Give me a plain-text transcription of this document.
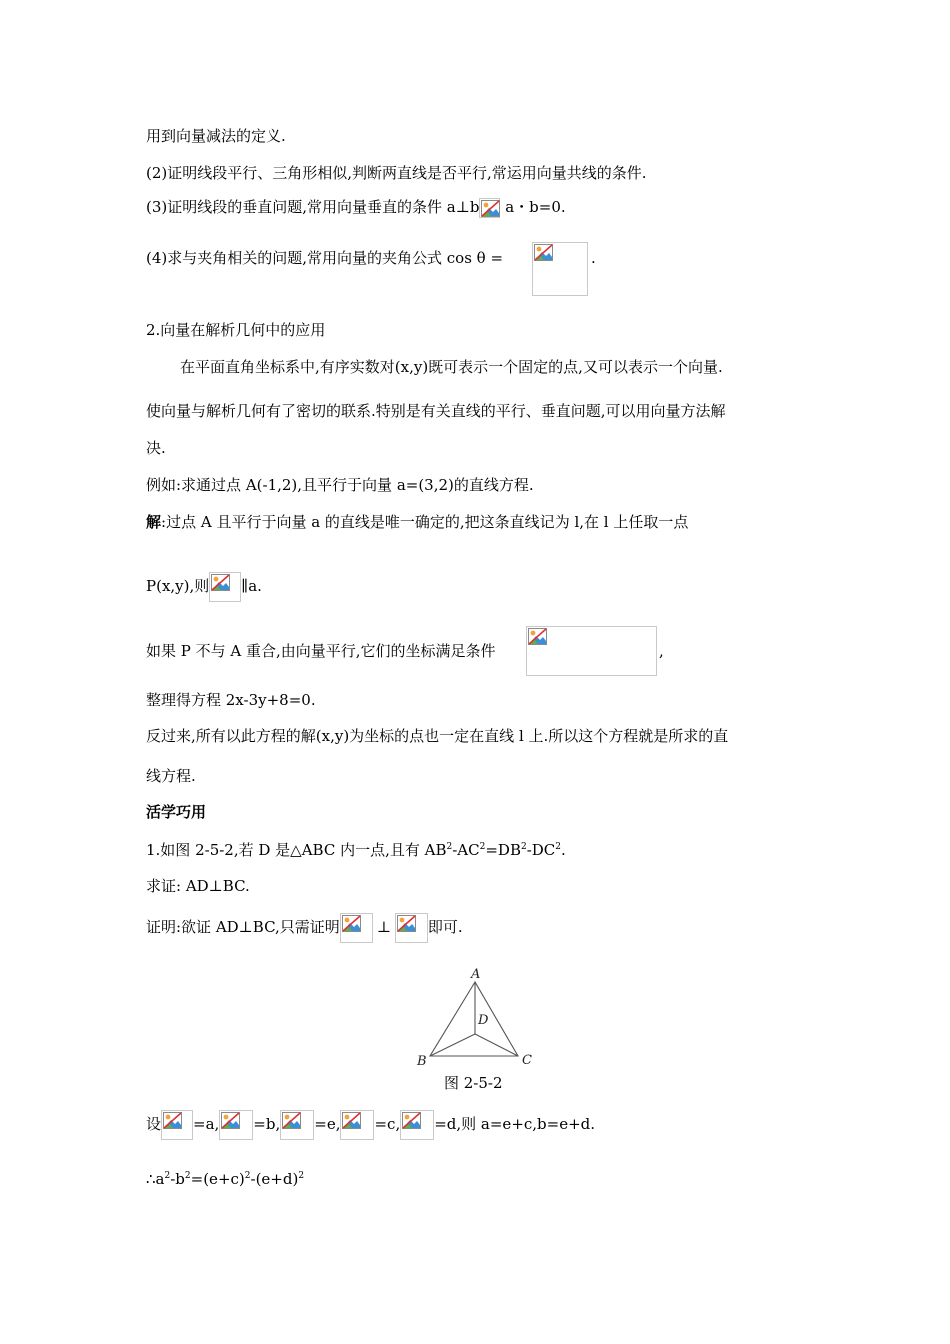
用到向量减法的定义.
(2)证明线段平行、三角形相似,判断两直线是否平行,常运用向量共线的条件.
(3)证明线段的垂直问题,常用向量垂直的条件 a⊥b
a・b=0.
(4)求与夹角相关的问题,常用向量的夹角公式 cos θ =	.
2.向量在解析几何中的应用
在平面直角坐标系中,有序实数对(x,y)既可表示一个固定的点,又可以表示一个向量.
使向量与解析几何有了密切的联系.特别是有关直线的平行、垂直问题,可以用向量方法解
决.
例如:求通过点 A(-1,2),且平行于向量 a=(3,2)的直线方程.
解:过点 A 且平行于向量 a 的直线是唯一确定的,把这条直线记为 l,在 l 上任取一点
P(x,y),则 ∥a.
如果 P 不与 A 重合,由向量平行,它们的坐标满足条件	,
整理得方程 2x-3y+8=0.
反过来,所有以此方程的解(x,y)为坐标的点也一定在直线 l 上.所以这个方程就是所求的直
线方程.
活学巧用
1.如图 2-5-2,若 D 是△ABC 内一点,且有 $AB^2-AC^2=DB^2-DC^2$.
求证: AD⊥BC.
证明:欲证 AD⊥BC,只需证明 ⊥ 即可.
A
B	C
D
图 2-5-2
设 =a, =b, =e, =c, =d,则 a=e+c,b=e+d.
$\therefore a^2-b^2=(e+c)^2-(e+d)^2$
